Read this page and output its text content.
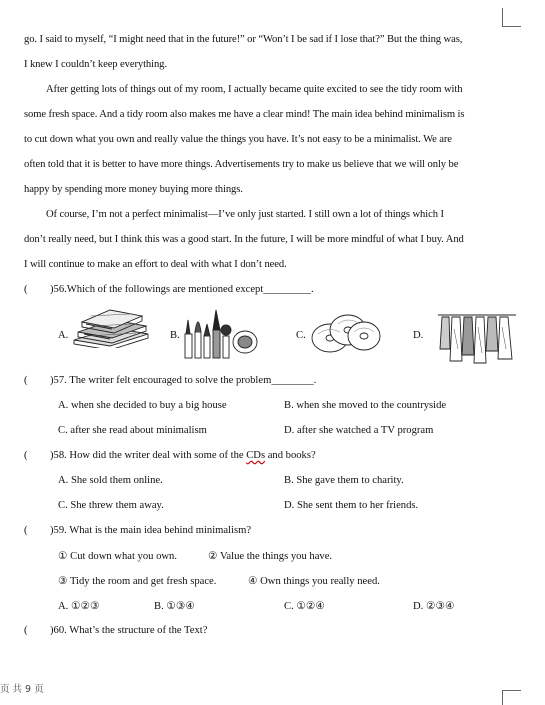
go. I said to myself, “I might need that in the future!” or “Won’t I be sad if I lose that?” But the thing was,
I knew I couldn’t keep everything.
After getting lots of things out of my room, I actually became quite excited to see the tidy room with
some fresh space. And a tidy room also makes me have a clear mind! The main idea behind minimalism is
to cut down what you own and really value the things you have. It’s not easy to be a minimalist. We are
often told that it is better to have more things. Advertisements try to make us believe that we will only be
happy by spending more money buying more things.
Of course, I’m not a perfect minimalist—I’ve only just started. I still own a lot of things which I
don’t really need, but I think this was a good start. In the future, I will be more mindful of what I buy. And
I will continue to make an effort to deal with what I don’t need.
( )56.Which of the followings are mentioned except_________.
A.	B.	C.	D.
( )57. The writer felt encouraged to solve the problem________.
A. when she decided to buy a big house	B. when she moved to the countryside
C. after she read about minimalism	D. after she watched a TV program
( )58. How did the writer deal with some of the CDs and books?
A. She sold them online.	B. She gave them to charity.
C. She threw them away.	D. She sent them to her friends.
( )59. What is the main idea behind minimalism?
① Cut down what you own.	② Value the things you have.
③ Tidy the room and get fresh space.	④ Own things you really need.
A. ①②③	B. ①③④	C. ①②④	D. ②③④
( )60. What’s the structure of the Text?
页 共 9 页
